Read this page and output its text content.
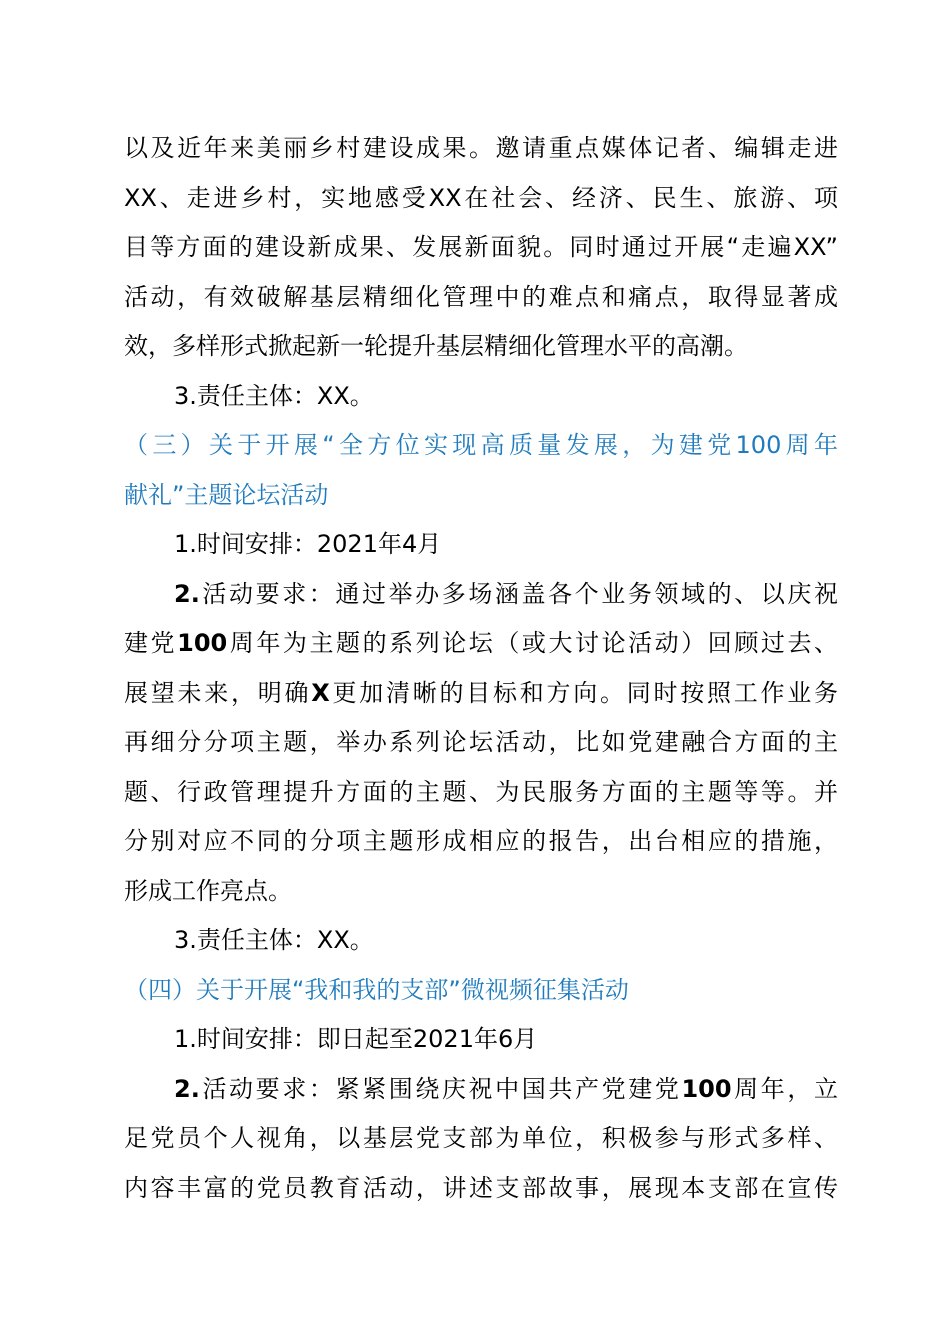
以及近年来美丽乡村建设成果。邀请重点媒体记者、编辑走进
XX、走进乡村，实地感受XX在社会、经济、民生、旅游、项
目等方面的建设新成果、发展新面貌。同时通过开展“走遍XX”
活动，有效破解基层精细化管理中的难点和痛点，取得显著成
效，多样形式掀起新一轮提升基层精细化管理水平的高潮。
3.责任主体：XX。
（三）关于开展“全方位实现高质量发展，为建党100周年
献礼”主题论坛活动
1.时间安排：2021年4月
2.活动要求：通过举办多场涵盖各个业务领域的、以庆祝
建党100周年为主题的系列论坛（或大讨论活动）回顾过去、
展望未来，明确X更加清晰的目标和方向。同时按照工作业务
再细分分项主题，举办系列论坛活动，比如党建融合方面的主
题、行政管理提升方面的主题、为民服务方面的主题等等。并
分别对应不同的分项主题形成相应的报告，出台相应的措施，
形成工作亮点。
3.责任主体：XX。
（四）关于开展“我和我的支部”微视频征集活动
1.时间安排：即日起至2021年6月
2.活动要求：紧紧围绕庆祝中国共产党建党100周年，立
足党员个人视角，以基层党支部为单位，积极参与形式多样、
内容丰富的党员教育活动，讲述支部故事，展现本支部在宣传
